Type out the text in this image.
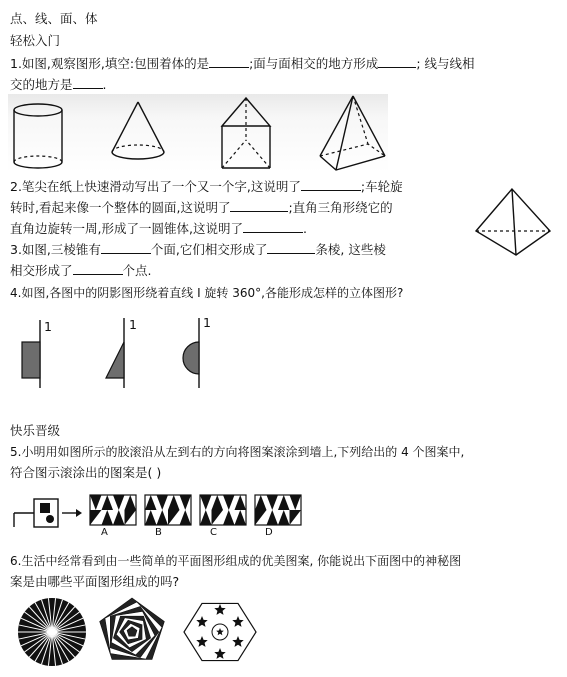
点、线、面、体
轻松入门
1.如图,观察图形,填空:包围着体的是	;面与面相交的地方形成	; 线与线相
交的地方是 .
2.笔尖在纸上快速滑动写出了一个又一个字,这说明了	;车轮旋
转时,看起来像一个整体的圆面,这说明了	;直角三角形绕它的
直角边旋转一周,形成了一圆锥体,这说明了	.
3.如图,三棱锥有	个面,它们相交形成了	条棱, 这些棱
相交形成了	个点.
4.如图,各图中的阴影图形绕着直线 I 旋转 360°,各能形成怎样的立体图形?
1	1	1
快乐晋级
5.小明用如图所示的胶滚沿从左到右的方向将图案滚涂到墙上,下列给出的 4 个图案中,
符合图示滚涂出的图案是( )
A	B	C	D
6.生活中经常看到由一些简单的平面图形组成的优美图案, 你能说出下面图中的神秘图
案是由哪些平面图形组成的吗?
